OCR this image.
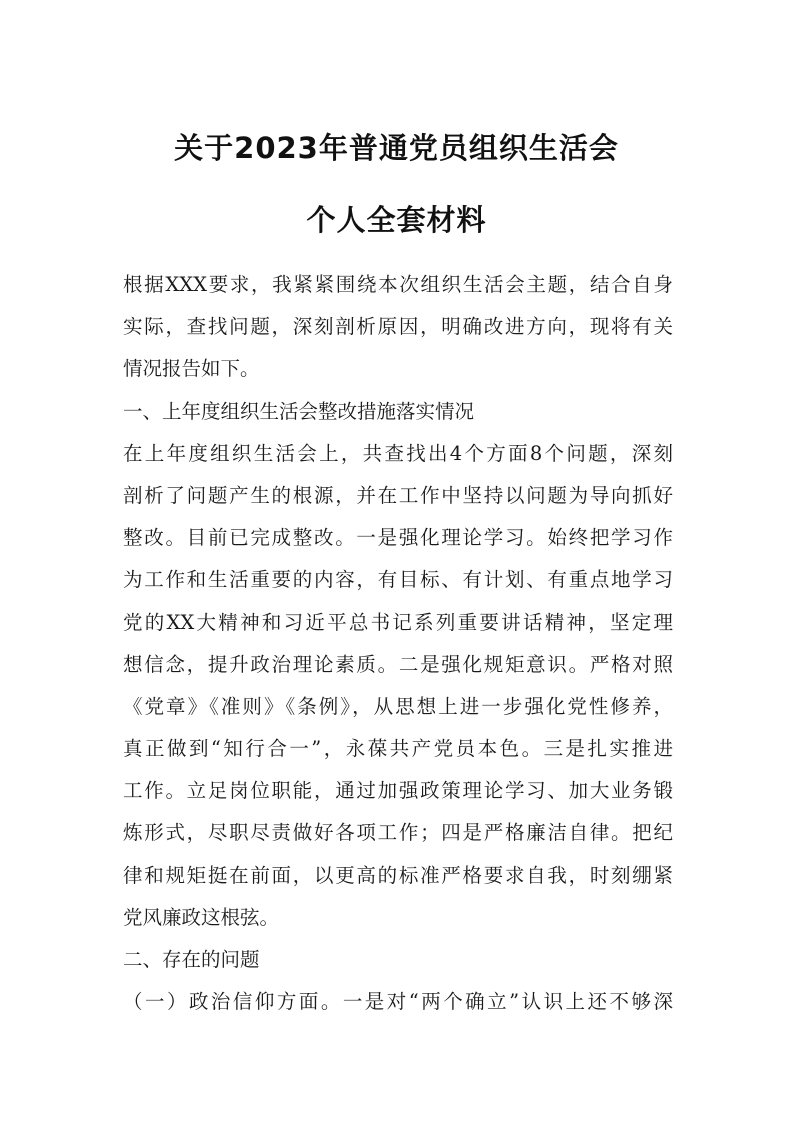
关于2023年普通党员组织生活会
个人全套材料
根据XXX要求，我紧紧围绕本次组织生活会主题，结合自身
实际，查找问题，深刻剖析原因，明确改进方向，现将有关
情况报告如下。
一、上年度组织生活会整改措施落实情况
在上年度组织生活会上，共查找出4个方面8个问题，深刻
剖析了问题产生的根源，并在工作中坚持以问题为导向抓好
整改。目前已完成整改。一是强化理论学习。始终把学习作
为工作和生活重要的内容，有目标、有计划、有重点地学习
党的XX大精神和习近平总书记系列重要讲话精神，坚定理
想信念，提升政治理论素质。二是强化规矩意识。严格对照
《党章》《准则》《条例》，从思想上进一步强化党性修养，
真正做到“知行合一”，永葆共产党员本色。三是扎实推进
工作。立足岗位职能，通过加强政策理论学习、加大业务锻
炼形式，尽职尽责做好各项工作；四是严格廉洁自律。把纪
律和规矩挺在前面，以更高的标准严格要求自我，时刻绷紧
党风廉政这根弦。
二、存在的问题
（一）政治信仰方面。一是对“两个确立”认识上还不够深
